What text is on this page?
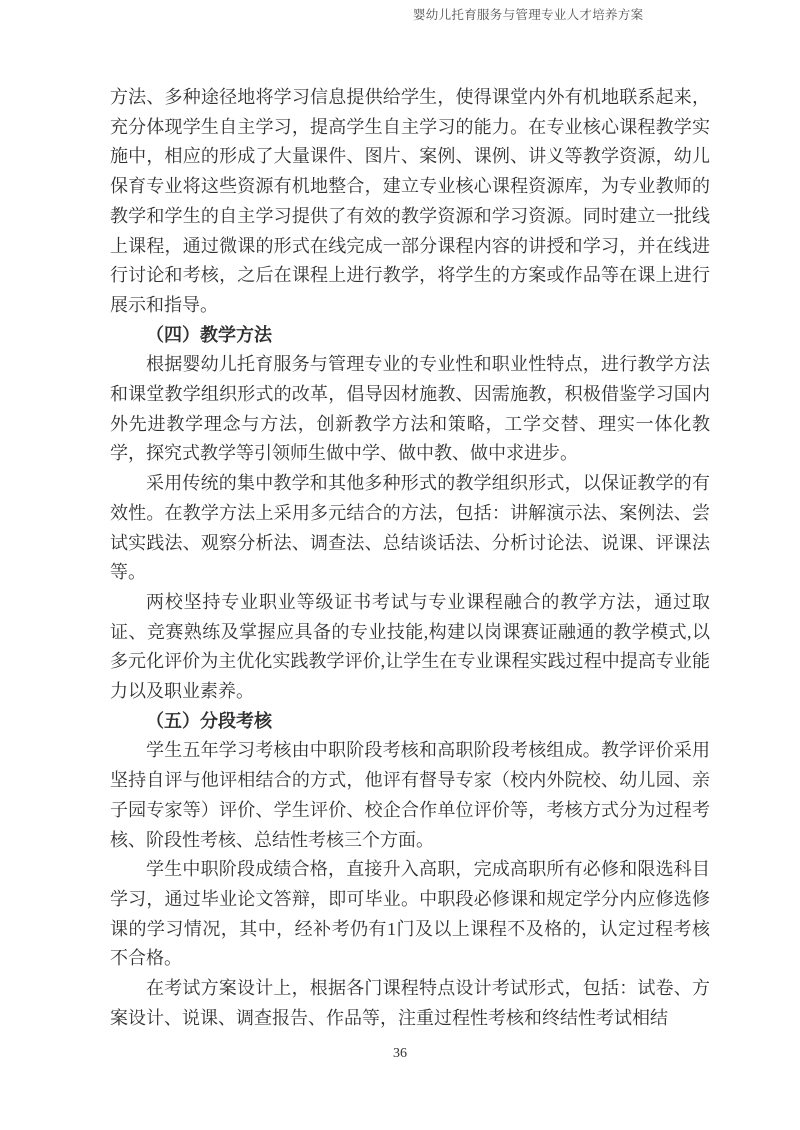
婴幼儿托育服务与管理专业人才培养方案

方法、多种途径地将学习信息提供给学生，使得课堂内外有机地联系起来，充分体现学生自主学习，提高学生自主学习的能力。在专业核心课程教学实施中，相应的形成了大量课件、图片、案例、课例、讲义等教学资源，幼儿保育专业将这些资源有机地整合，建立专业核心课程资源库，为专业教师的教学和学生的自主学习提供了有效的教学资源和学习资源。同时建立一批线上课程，通过微课的形式在线完成一部分课程内容的讲授和学习，并在线进行讨论和考核，之后在课程上进行教学，将学生的方案或作品等在课上进行展示和指导。

（四）教学方法

根据婴幼儿托育服务与管理专业的专业性和职业性特点，进行教学方法和课堂教学组织形式的改革，倡导因材施教、因需施教，积极借鉴学习国内外先进教学理念与方法，创新教学方法和策略，工学交替、理实一体化教学，探究式教学等引领师生做中学、做中教、做中求进步。

采用传统的集中教学和其他多种形式的教学组织形式，以保证教学的有效性。在教学方法上采用多元结合的方法，包括：讲解演示法、案例法、尝试实践法、观察分析法、调查法、总结谈话法、分析讨论法、说课、评课法等。

两校坚持专业职业等级证书考试与专业课程融合的教学方法，通过取证、竞赛熟练及掌握应具备的专业技能,构建以岗课赛证融通的教学模式,以多元化评价为主优化实践教学评价,让学生在专业课程实践过程中提高专业能力以及职业素养。

（五）分段考核

学生五年学习考核由中职阶段考核和高职阶段考核组成。教学评价采用坚持自评与他评相结合的方式，他评有督导专家（校内外院校、幼儿园、亲子园专家等）评价、学生评价、校企合作单位评价等，考核方式分为过程考核、阶段性考核、总结性考核三个方面。

学生中职阶段成绩合格，直接升入高职，完成高职所有必修和限选科目学习，通过毕业论文答辩，即可毕业。中职段必修课和规定学分内应修选修课的学习情况，其中，经补考仍有1门及以上课程不及格的，认定过程考核不合格。

在考试方案设计上，根据各门课程特点设计考试形式，包括：试卷、方案设计、说课、调查报告、作品等，注重过程性考核和终结性考试相结

36
